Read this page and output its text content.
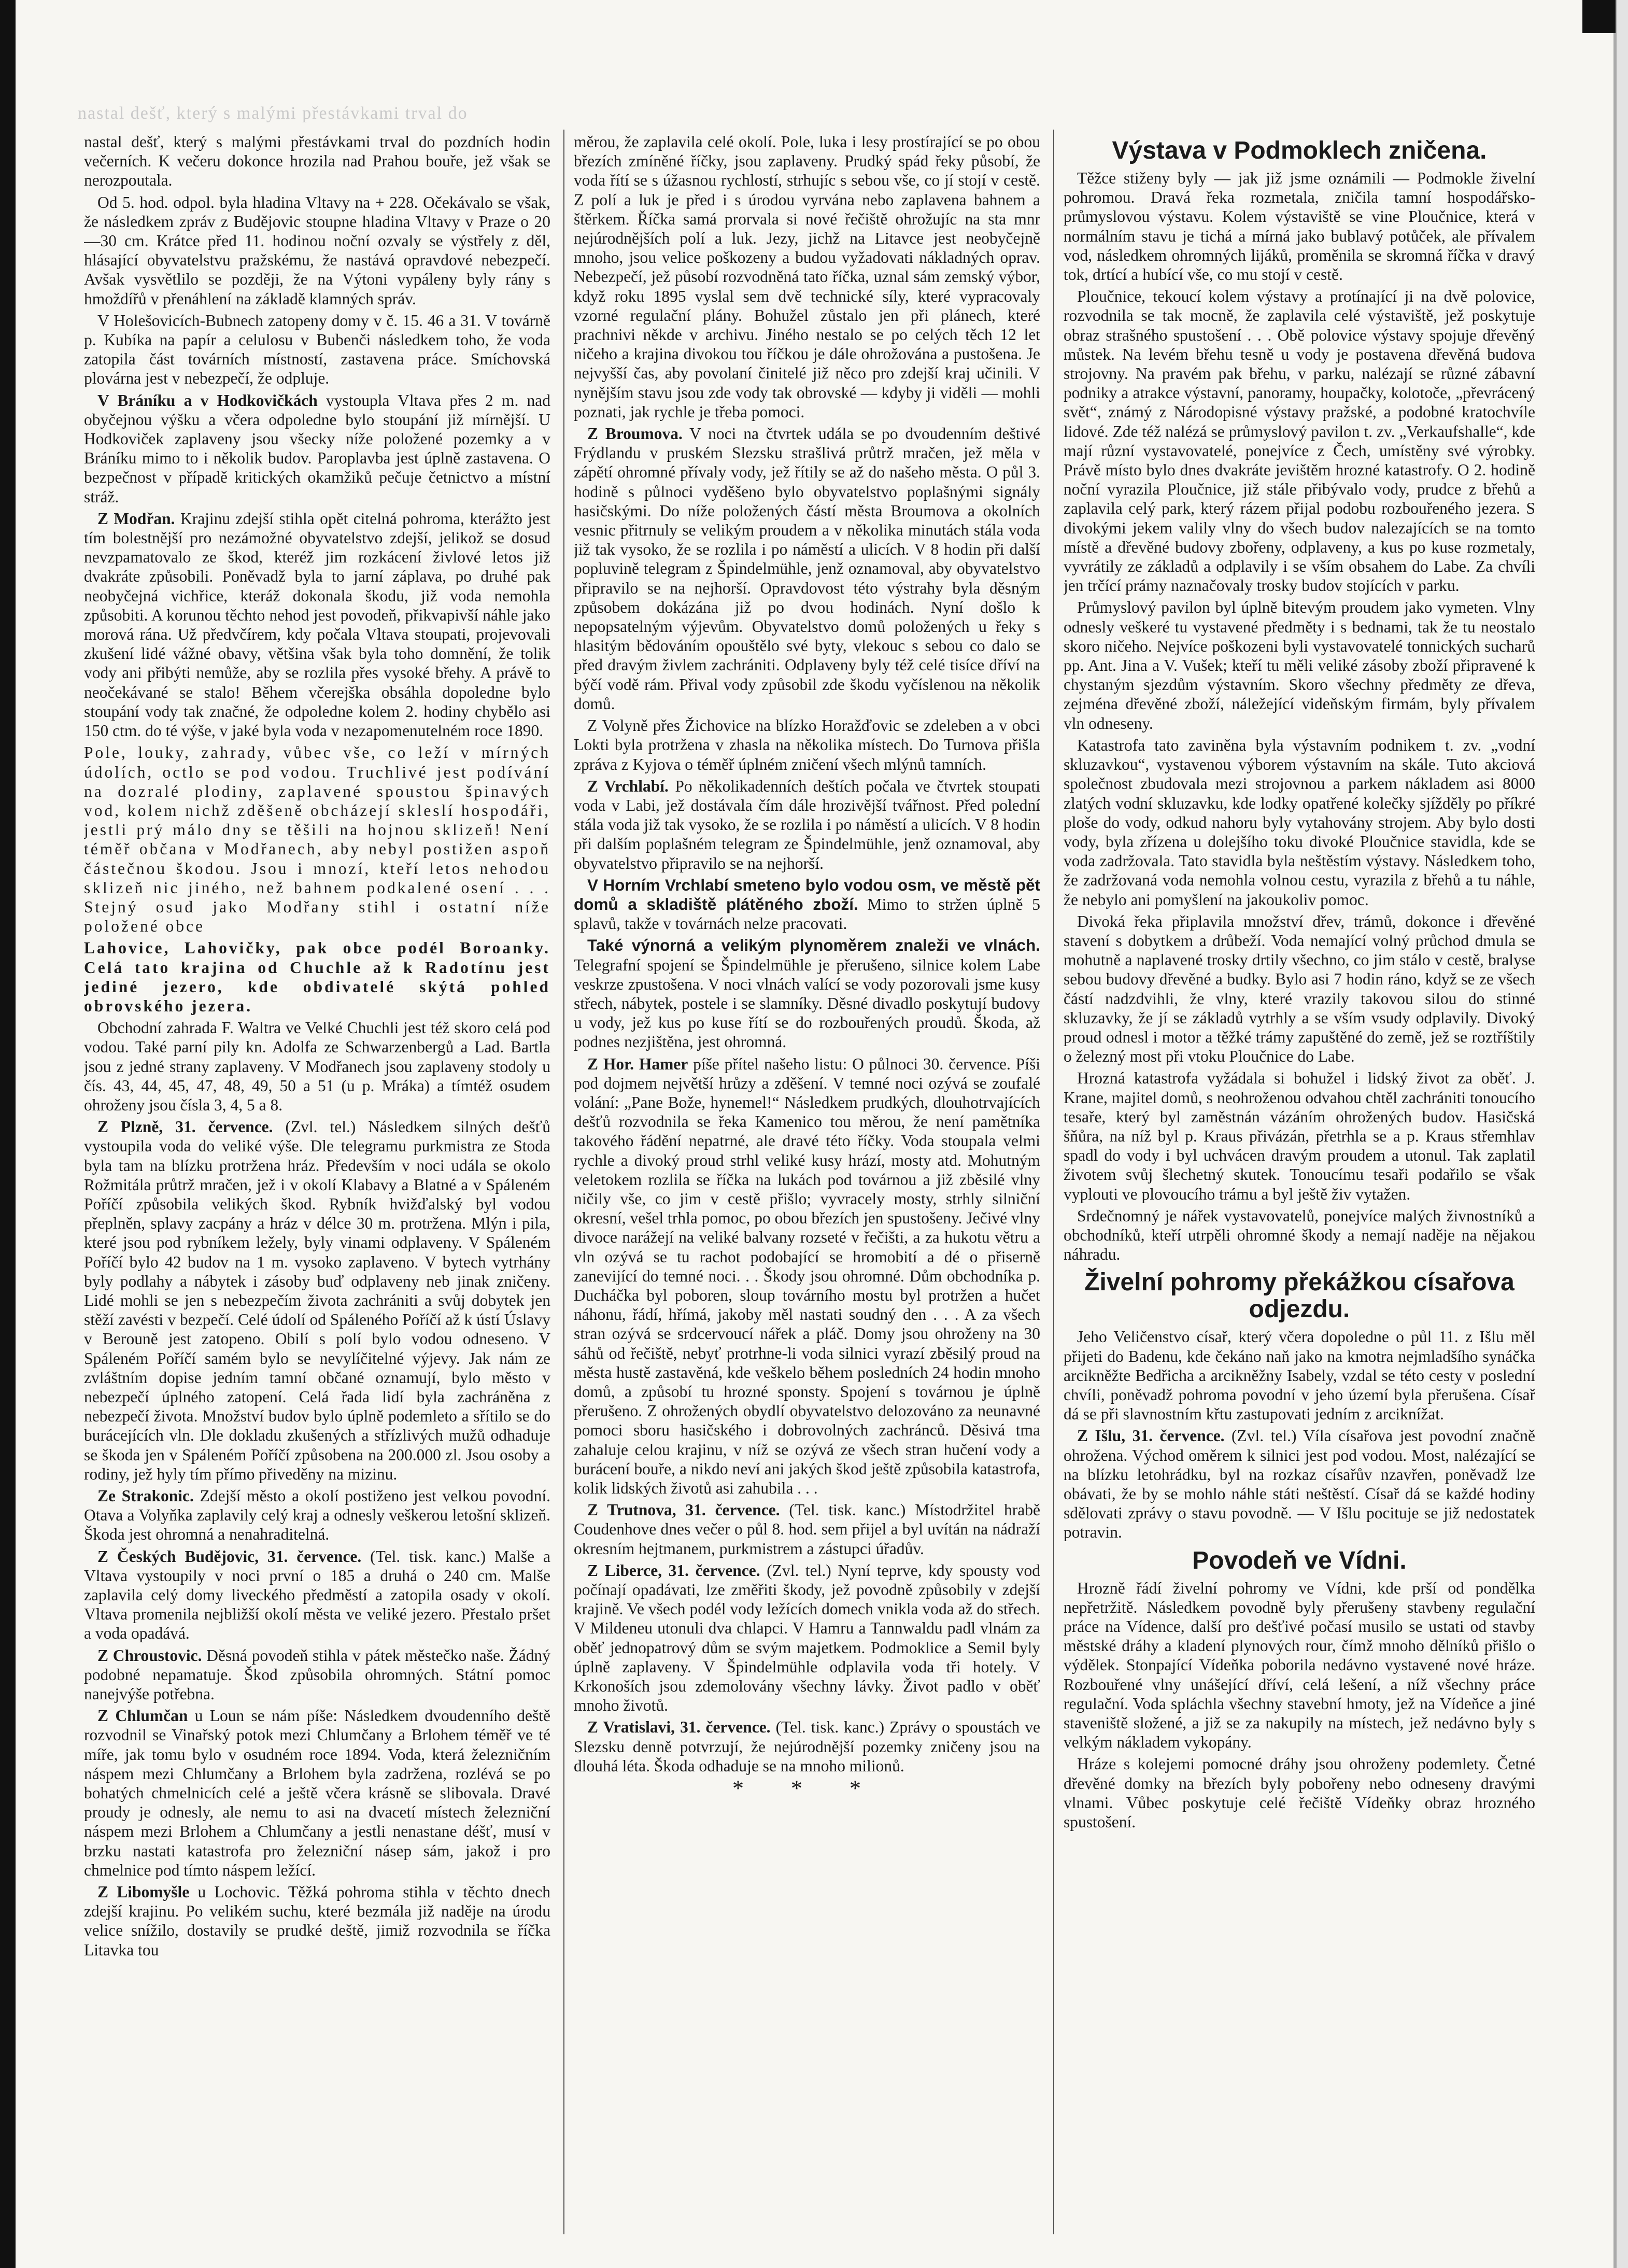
nastal dešť, který s malými přestávkami trval do

nastal dešť, který s malými přestávkami trval do pozdních hodin večerních. K večeru dokonce hrozila nad Prahou bouře, jež však se nerozpoutala.

Od 5. hod. odpol. byla hladina Vltavy na + 228. Očekávalo se však, že následkem zpráv z Budějovic stoupne hladina Vltavy v Praze o 20—30 cm. Krátce před 11. hodinou noční ozvaly se výstřely z děl, hlásající obyvatelstvu pražskému, že nastává opravdové nebezpečí. Avšak vysvětlilo se později, že na Výtoni vypáleny byly rány s hmoždířů v přenáhlení na základě klamných správ.

V Holešovicích-Bubnech zatopeny domy v č. 15. 46 a 31. V továrně p. Kubíka na papír a celulosu v Bubenči následkem toho, že voda zatopila část továrních místností, zastavena práce. Smíchovská plovárna jest v nebezpečí, že odpluje.

V Bráníku a v Hodkovičkách vystoupla Vltava přes 2 m. nad obyčejnou výšku a včera odpoledne bylo stoupání již mírnější. U Hodkoviček zaplaveny jsou všecky níže položené pozemky a v Bráníku mimo to i několik budov. Paroplavba jest úplně zastavena. O bezpečnost v případě kritických okamžiků pečuje četnictvo a místní stráž.

Z Modřan. Krajinu zdejší stihla opět citelná pohroma, kterážto jest tím bolestnější pro nezámožné obyvatelstvo zdejší, jelikož se dosud nevzpamatovalo ze škod, kteréž jim rozkácení živlové letos již dvakráte způsobili. Poněvadž byla to jarní záplava, po druhé pak neobyčejná vichřice, kteráž dokonala škodu, již voda nemohla způsobiti. A korunou těchto nehod jest povodeň, přikvapivší náhle jako morová rána. Už předvčírem, kdy počala Vltava stoupati, projevovali zkušení lidé vážné obavy, většina však byla toho domnění, že tolik vody ani přibýti nemůže, aby se rozlila přes vysoké břehy. A právě to neočekávané se stalo! Během včerejška obsáhla dopoledne bylo stoupání vody tak značné, že odpoledne kolem 2. hodiny chybělo asi 150 ctm. do té výše, v jaké byla voda v nezapomenutelném roce 1890.

Pole, louky, zahrady, vůbec vše, co leží v mírných údolích, octlo se pod vodou. Truchlivé jest podívání na dozralé plodiny, zaplavené spoustou špinavých vod, kolem nichž zděšeně obcházejí skleslí hospodáři, jestli prý málo dny se těšili na hojnou sklizeň! Není téměř občana v Modřanech, aby nebyl postižen aspoň částečnou škodou. Jsou i mnozí, kteří letos nehodou sklizeň nic jiného, než bahnem podkalené osení . . . Stejný osud jako Modřany stihl i ostatní níže položené obce

Lahovice, Lahovičky, pak obce podél Boroanky. Celá tato krajina od Chuchle až k Radotínu jest jediné jezero, kde obdivatelé skýtá pohled obrovského jezera.

Obchodní zahrada F. Waltra ve Velké Chuchli jest též skoro celá pod vodou. Také parní pily kn. Adolfa ze Schwarzenbergů a Lad. Bartla jsou z jedné strany zaplaveny. V Modřanech jsou zaplaveny stodoly u čís. 43, 44, 45, 47, 48, 49, 50 a 51 (u p. Mráka) a tímtéž osudem ohroženy jsou čísla 3, 4, 5 a 8.

Z Plzně, 31. července. (Zvl. tel.) Následkem silných dešťů vystoupila voda do veliké výše. Dle telegramu purkmistra ze Stoda byla tam na blízku protržena hráz. Především v noci udála se okolo Rožmitála průtrž mračen, jež i v okolí Klabavy a Blatné a v Spáleném Poříčí způsobila velikých škod. Rybník hvižďalský byl vodou přeplněn, splavy zacpány a hráz v délce 30 m. protržena. Mlýn i pila, které jsou pod rybníkem ležely, byly vinami odplaveny. V Spáleném Poříčí bylo 42 budov na 1 m. vysoko zaplaveno. V bytech vytrhány byly podlahy a nábytek i zásoby buď odplaveny neb jinak zničeny. Lidé mohli se jen s nebezpečím života zachrániti a svůj dobytek jen stěží zavésti v bezpečí. Celé údolí od Spáleného Poříčí až k ústí Úslavy v Berouně jest zatopeno. Obilí s polí bylo vodou odneseno. V Spáleném Poříčí samém bylo se nevylíčitelné výjevy. Jak nám ze zvláštním dopise jedním tamní občané oznamují, bylo město v nebezpečí úplného zatopení. Celá řada lidí byla zachráněna z nebezpečí života. Množství budov bylo úplně podemleto a sřítilo se do burácejících vln. Dle dokladu zkušených a střízlivých mužů odhaduje se škoda jen v Spáleném Poříčí způsobena na 200.000 zl. Jsou osoby a rodiny, jež hyly tím přímo přiveděny na mizinu.

Ze Strakonic. Zdejší město a okolí postiženo jest velkou povodní. Otava a Volyňka zaplavily celý kraj a odnesly veškerou letošní sklizeň. Škoda jest ohromná a nenahraditelná.

Z Českých Budějovic, 31. července. (Tel. tisk. kanc.) Malše a Vltava vystoupily v noci první o 185 a druhá o 240 cm. Malše zaplavila celý domy liveckého předměstí a zatopila osady v okolí. Vltava promenila nejbližší okolí města ve veliké jezero. Přestalo pršet a voda opadává.

Z Chroustovic. Děsná povodeň stihla v pátek městečko naše. Žádný podobné nepamatuje. Škod způsobila ohromných. Státní pomoc nanejvýše potřebna.

Z Chlumčan u Loun se nám píše: Následkem dvoudenního deště rozvodnil se Vinařský potok mezi Chlumčany a Brlohem téměř ve té míře, jak tomu bylo v osudném roce 1894. Voda, která železničním náspem mezi Chlumčany a Brlohem byla zadržena, rozlévá se po bohatých chmelnicích celé a ještě včera krásně se slibovala. Dravé proudy je odnesly, ale nemu to asi na dvacetí místech železniční náspem mezi Brlohem a Chlumčany a jestli nenastane déšť, musí v brzku nastati katastrofa pro železniční násep sám, jakož i pro chmelnice pod tímto náspem ležící.

Z Libomyšle u Lochovic. Těžká pohroma stihla v těchto dnech zdejší krajinu. Po velikém suchu, které bezmála již naděje na úrodu velice snížilo, dostavily se prudké deště, jimiž rozvodnila se říčka Litavka tou

měrou, že zaplavila celé okolí. Pole, luka i lesy prostírající se po obou březích zmíněné říčky, jsou zaplaveny. Prudký spád řeky působí, že voda řítí se s úžasnou rychlostí, strhujíc s sebou vše, co jí stojí v cestě. Z polí a luk je před i s úrodou vyrvána nebo zaplavena bahnem a štěrkem. Říčka samá prorvala si nové řečiště ohrožujíc na sta mnr nejúrodnějších polí a luk. Jezy, jichž na Litavce jest neobyčejně mnoho, jsou velice poškozeny a budou vyžadovati nákladných oprav. Nebezpečí, jež působí rozvodněná tato říčka, uznal sám zemský výbor, když roku 1895 vyslal sem dvě technické síly, které vypracovaly vzorné regulační plány. Bohužel zůstalo jen při plánech, které prachnivi někde v archivu. Jiného nestalo se po celých těch 12 let ničeho a krajina divokou tou říčkou je dále ohrožována a pustošena. Je nejvyšší čas, aby povolaní činitelé již něco pro zdejší kraj učinili. V nynějším stavu jsou zde vody tak obrovské — kdyby ji viděli — mohli poznati, jak rychle je třeba pomoci.

Z Broumova. V noci na čtvrtek udála se po dvoudenním deštivé Frýdlandu v pruském Slezsku strašlivá průtrž mračen, jež měla v zápětí ohromné přívaly vody, jež řítily se až do našeho města. O půl 3. hodině s půlnoci vyděšeno bylo obyvatelstvo poplašnými signály hasičskými. Do níže položených částí města Broumova a okolních vesnic přitrnuly se velikým proudem a v několika minutách stála voda již tak vysoko, že se rozlila i po náměstí a ulicích. V 8 hodin při další popluvině telegram z Špindelmühle, jenž oznamoval, aby obyvatelstvo připravilo se na nejhorší. Opravdovost této výstrahy byla děsným způsobem dokázána již po dvou hodinách. Nyní došlo k nepopsatelným výjevům. Obyvatelstvo domů položených u řeky s hlasitým bědováním opouštělo své byty, vlekouc s sebou co dalo se před dravým živlem zachrániti. Odplaveny byly též celé tisíce dříví na býčí vodě rám. Přival vody způsobil zde škodu vyčíslenou na několik domů.

Z Volyně přes Žichovice na blízko Horažďovic se zdeleben a v obci Lokti byla protržena v zhasla na několika místech. Do Turnova přišla zpráva z Kyjova o téměř úplném zničení všech mlýnů tamních.

Z Vrchlabí. Po několikadenních deštích počala ve čtvrtek stoupati voda v Labi, jež dostávala čím dále hrozivější tvářnost. Před polední stála voda již tak vysoko, že se rozlila i po náměstí a ulicích. V 8 hodin při dalším poplašném telegram ze Špindelmühle, jenž oznamoval, aby obyvatelstvo připravilo se na nejhorší.

V Horním Vrchlabí smeteno bylo vodou osm, ve městě pět domů a skladiště plátěného zboží. Mimo to stržen úplně 5 splavů, takže v továrnách nelze pracovati.

Také výnorná a velikým plynoměrem znaleži ve vlnách. Telegrafní spojení se Špindelmühle je přerušeno, silnice kolem Labe veskrze zpustošena. V noci vlnách valící se vody pozorovali jsme kusy střech, nábytek, postele i se slamníky. Děsné divadlo poskytují budovy u vody, jež kus po kuse řítí se do rozbouřených proudů. Škoda, až podnes nezjištěna, jest ohromná.

Z Hor. Hamer píše přítel našeho listu: O půlnoci 30. července. Píši pod dojmem největší hrůzy a zděšení. V temné noci ozývá se zoufalé volání: „Pane Bože, hynemel!“ Následkem prudkých, dlouhotrvajících dešťů rozvodnila se řeka Kamenico tou měrou, že není pamětníka takového řádění nepatrné, ale dravé této říčky. Voda stoupala velmi rychle a divoký proud strhl veliké kusy hrází, mosty atd. Mohutným veletokem rozlila se říčka na lukách pod továrnou a již zběsilé vlny ničily vše, co jim v cestě přišlo; vyvracely mosty, strhly silniční okresní, vešel trhla pomoc, po obou březích jen spustošeny. Ječivé vlny divoce narážejí na veliké balvany rozseté v řečišti, a za hukotu větru a vln ozývá se tu rachot podobající se hromobití a dé o přiserně zanevijící do temné noci. . . Škody jsou ohromné. Dům obchodníka p. Ducháčka byl poboren, sloup továrního mostu byl protržen a hučet náhonu, řádí, hřímá, jakoby měl nastati soudný den . . . A za všech stran ozývá se srdcervoucí nářek a pláč. Domy jsou ohroženy na 30 sáhů od řečiště, nebyť protrhne-li voda silnici vyrazí zběsilý proud na města hustě zastavěná, kde veškelo během posledních 24 hodin mnoho domů, a způsobí tu hrozné sponsty. Spojení s továrnou je úplně přerušeno. Z ohrožených obydlí obyvatelstvo delozováno za neunavné pomoci sboru hasičského i dobrovolných zachránců. Děsivá tma zahaluje celou krajinu, v níž se ozývá ze všech stran hučení vody a burácení bouře, a nikdo neví ani jakých škod ještě způsobila katastrofa, kolik lidských životů asi zahubila . . .

Z Trutnova, 31. července. (Tel. tisk. kanc.) Místodržitel hrabě Coudenhove dnes večer o půl 8. hod. sem přijel a byl uvítán na nádraží okresním hejtmanem, purkmistrem a zástupci úřadův.

Z Liberce, 31. července. (Zvl. tel.) Nyní teprve, kdy spousty vod počínají opadávati, lze změřiti škody, jež povodně způsobily v zdejší krajině. Ve všech podél vody ležících domech vnikla voda až do střech. V Mildeneu utonuli dva chlapci. V Hamru a Tannwaldu padl vlnám za oběť jednopatrový dům se svým majetkem. Podmoklice a Semil byly úplně zaplaveny. V Špindelmühle odplavila voda tři hotely. V Krkonoších jsou zdemolovány všechny lávky. Život padlo v oběť mnoho životů.

Z Vratislavi, 31. července. (Tel. tisk. kanc.) Zprávy o spoustách ve Slezsku denně potvrzují, že nejúrodnější pozemky zničeny jsou na dlouhá léta. Škoda odhaduje se na mnoho milionů.

* * *
Výstava v Podmoklech zničena.

Těžce stiženy byly — jak již jsme oznámili — Podmokle živelní pohromou. Dravá řeka rozmetala, zničila tamní hospodářsko-průmyslovou výstavu. Kolem výstaviště se vine Ploučnice, která v normálním stavu je tichá a mírná jako bublavý potůček, ale přívalem vod, následkem ohromných lijáků, proměnila se skromná říčka v dravý tok, drtící a hubící vše, co mu stojí v cestě.

Ploučnice, tekoucí kolem výstavy a protínající ji na dvě polovice, rozvodnila se tak mocně, že zaplavila celé výstaviště, jež poskytuje obraz strašného spustošení . . . Obě polovice výstavy spojuje dřevěný můstek. Na levém břehu tesně u vody je postavena dřevěná budova strojovny. Na pravém pak břehu, v parku, nalézají se různé zábavní podniky a atrakce výstavní, panoramy, houpačky, kolotoče, „převrácený svět“, známý z Národopisné výstavy pražské, a podobné kratochvíle lidové. Zde též nalézá se průmyslový pavilon t. zv. „Verkaufshalle“, kde mají různí vystavovatelé, ponejvíce z Čech, umístěny své výrobky. Právě místo bylo dnes dvakráte jevištěm hrozné katastrofy. O 2. hodině noční vyrazila Ploučnice, již stále přibývalo vody, prudce z břehů a zaplavila celý park, který rázem přijal podobu rozbouřeného jezera. S divokými jekem valily vlny do všech budov nalezajících se na tomto místě a dřevěné budovy zbořeny, odplaveny, a kus po kuse rozmetaly, vyvrátily ze základů a odplavily i se vším obsahem do Labe. Za chvíli jen trčící prámy naznačovaly trosky budov stojících v parku.

Průmyslový pavilon byl úplně bitevým proudem jako vymeten. Vlny odnesly veškeré tu vystavené předměty i s bednami, tak že tu neostalo skoro ničeho. Nejvíce poškozeni byli vystavovatelé tonnických sucharů pp. Ant. Jina a V. Vušek; kteří tu měli veliké zásoby zboží připravené k chystaným sjezdům výstavním. Skoro všechny předměty ze dřeva, zejména dřevěné zboží, náležející videňským firmám, byly přívalem vln odneseny.

Katastrofa tato zaviněna byla výstavním podnikem t. zv. „vodní skluzavkou“, vystavenou výborem výstavním na skále. Tuto akciová společnost zbudovala mezi strojovnou a parkem nákladem asi 8000 zlatých vodní skluzavku, kde lodky opatřené kolečky sjížděly po příkré ploše do vody, odkud nahoru byly vytahovány strojem. Aby bylo dosti vody, byla zřízena u dolejšího toku divoké Ploučnice stavidla, kde se voda zadržovala. Tato stavidla byla neštěstím výstavy. Následkem toho, že zadržovaná voda nemohla volnou cestu, vyrazila z břehů a tu náhle, že nebylo ani pomyšlení na jakoukoliv pomoc.

Divoká řeka připlavila množství dřev, trámů, dokonce i dřevěné stavení s dobytkem a drůbeží. Voda nemající volný průchod dmula se mohutně a naplavené trosky drtily všechno, co jim stálo v cestě, bralyse sebou budovy dřevěné a budky. Bylo asi 7 hodin ráno, když se ze všech částí nadzdvihli, že vlny, které vrazily takovou silou do stinné skluzavky, že jí se základů vytrhly a se vším vsudy odplavily. Divoký proud odnesl i motor a těžké trámy zapuštěné do země, jež se roztříštily o železný most při vtoku Ploučnice do Labe.

Hrozná katastrofa vyžádala si bohužel i lidský život za oběť. J. Krane, majitel domů, s neohroženou odvahou chtěl zachrániti tonoucího tesaře, který byl zaměstnán vázáním ohrožených budov. Hasičská šňůra, na níž byl p. Kraus přivázán, přetrhla se a p. Kraus střemhlav spadl do vody i byl uchvácen dravým proudem a utonul. Tak zaplatil životem svůj šlechetný skutek. Tonoucímu tesaři podařilo se však vyplouti ve plovoucího trámu a byl ještě živ vytažen.

Srdečnomný je nářek vystavovatelů, ponejvíce malých živnostníků a obchodníků, kteří utrpěli ohromné škody a nemají naděje na nějakou náhradu.

Živelní pohromy překážkou císařova odjezdu.

Jeho Veličenstvo císař, který včera dopoledne o půl 11. z Išlu měl přijeti do Badenu, kde čekáno naň jako na kmotra nejmladšího synáčka arcikněžte Bedřicha a arcikněžny Isabely, vzdal se této cesty v poslední chvíli, poněvadž pohroma povodní v jeho území byla přerušena. Císař dá se při slavnostním křtu zastupovati jedním z arciknížat.

Z Išlu, 31. července. (Zvl. tel.) Víla císařova jest povodní značně ohrožena. Východ oměrem k silnici jest pod vodou. Most, nalézající se na blízku letohrádku, byl na rozkaz císařův nzavřen, poněvadž lze obávati, že by se mohlo náhle státi neštěstí. Císař dá se každé hodiny sdělovati zprávy o stavu povodně. — V Išlu pocituje se již nedostatek potravin.

Povodeň ve Vídni.

Hrozně řádí živelní pohromy ve Vídni, kde prší od pondělka nepřetržitě. Následkem povodně byly přerušeny stavbeny regulační práce na Vídence, další pro dešťivé počasí musilo se ustati od stavby městské dráhy a kladení plynových rour, čímž mnoho dělníků přišlo o výdělek. Stonpající Vídeňka poborila nedávno vystavené nové hráze. Rozbouřené vlny unášející dříví, celá lešení, a níž všechny práce regulační. Voda spláchla všechny stavební hmoty, jež na Vídeňce a jiné staveniště složené, a již se za nakupily na místech, jež nedávno byly s velkým nákladem vykopány.

Hráze s kolejemi pomocné dráhy jsou ohroženy podemlety. Četné dřevěné domky na březích byly pobořeny nebo odneseny dravými vlnami. Vůbec poskytuje celé řečiště Vídeňky obraz hrozného spustošení.
